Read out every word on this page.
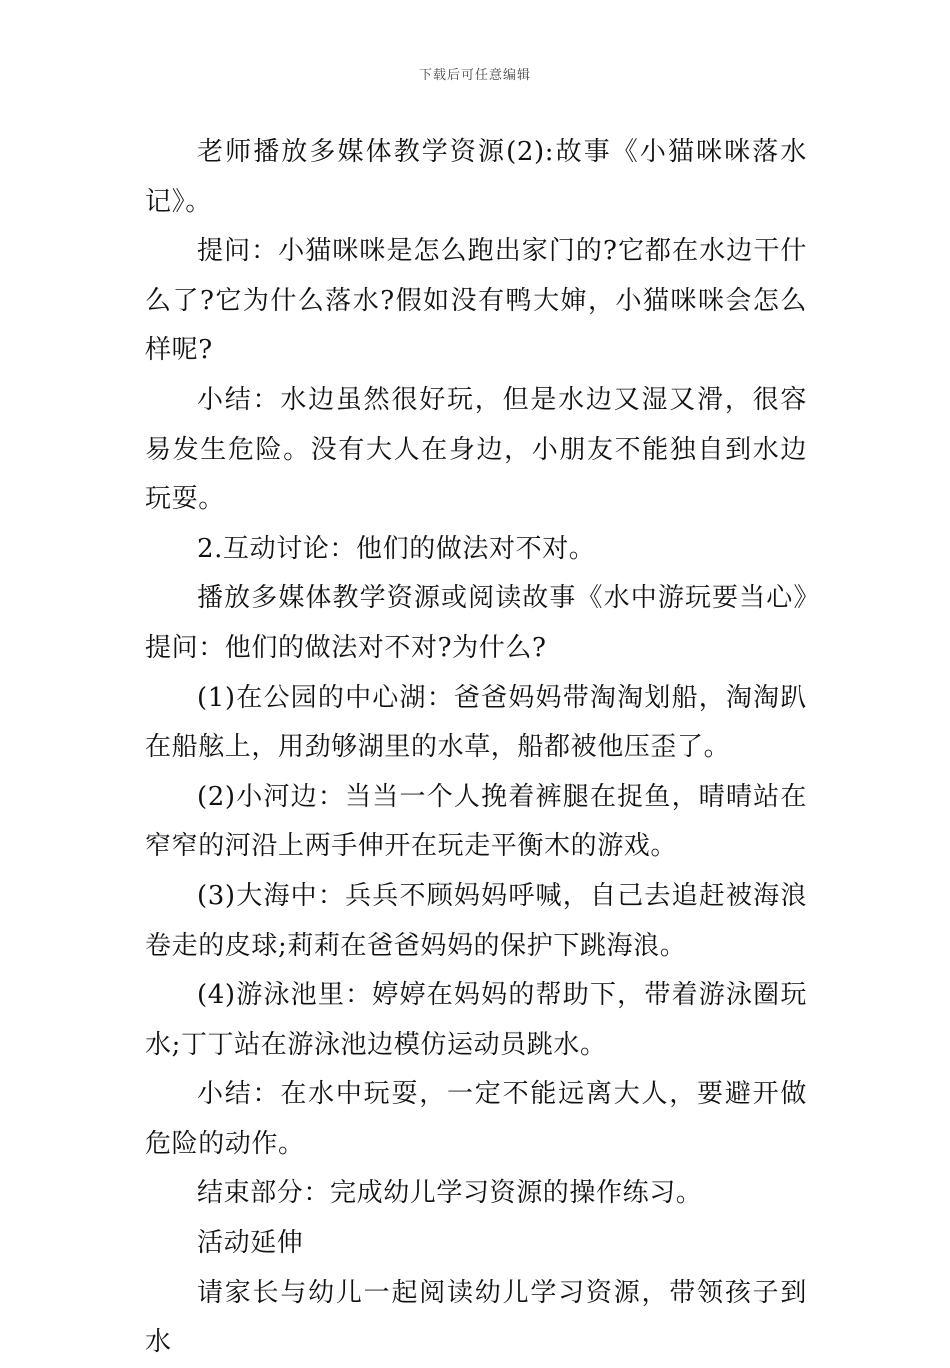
下载后可任意编辑

老师播放多媒体教学资源(2):故事《小猫咪咪落水记》。

提问：小猫咪咪是怎么跑出家门的?它都在水边干什么了?它为什么落水?假如没有鸭大婶，小猫咪咪会怎么样呢?

小结：水边虽然很好玩，但是水边又湿又滑，很容易发生危险。没有大人在身边，小朋友不能独自到水边玩耍。

2.互动讨论：他们的做法对不对。

播放多媒体教学资源或阅读故事《水中游玩要当心》提问：他们的做法对不对?为什么?

(1)在公园的中心湖：爸爸妈妈带淘淘划船，淘淘趴在船舷上，用劲够湖里的水草，船都被他压歪了。

(2)小河边：当当一个人挽着裤腿在捉鱼，晴晴站在窄窄的河沿上两手伸开在玩走平衡木的游戏。

(3)大海中：兵兵不顾妈妈呼喊，自己去追赶被海浪卷走的皮球;莉莉在爸爸妈妈的保护下跳海浪。

(4)游泳池里：婷婷在妈妈的帮助下，带着游泳圈玩水;丁丁站在游泳池边模仿运动员跳水。

小结：在水中玩耍，一定不能远离大人，要避开做危险的动作。

结束部分：完成幼儿学习资源的操作练习。

活动延伸

请家长与幼儿一起阅读幼儿学习资源，带领孩子到水
